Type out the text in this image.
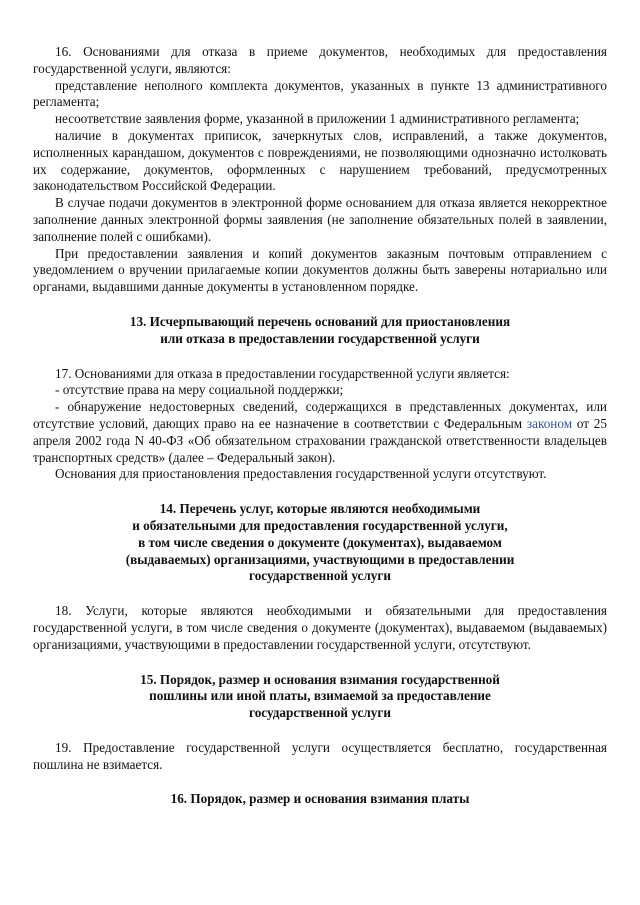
16. Основаниями для отказа в приеме документов, необходимых для предоставления государственной услуги, являются:

представление неполного комплекта документов, указанных в пункте 13 административного регламента;

несоответствие заявления форме, указанной в приложении 1 административного регламента;

наличие в документах приписок, зачеркнутых слов, исправлений, а также документов, исполненных карандашом, документов с повреждениями, не позволяющими однозначно истолковать их содержание, документов, оформленных с нарушением требований, предусмотренных законодательством Российской Федерации.

В случае подачи документов в электронной форме основанием для отказа является некорректное заполнение данных электронной формы заявления (не заполнение обязательных полей в заявлении, заполнение полей с ошибками).

При предоставлении заявления и копий документов заказным почтовым отправлением с уведомлением о вручении прилагаемые копии документов должны быть заверены нотариально или органами, выдавшими данные документы в установленном порядке.

13. Исчерпывающий перечень оснований для приостановления
или отказа в предоставлении государственной услуги

17. Основаниями для отказа в предоставлении государственной услуги является:

- отсутствие права на меру социальной поддержки;

- обнаружение недостоверных сведений, содержащихся в представленных документах, или отсутствие условий, дающих право на ее назначение в соответствии с Федеральным законом от 25 апреля 2002 года N 40-ФЗ «Об обязательном страховании гражданской ответственности владельцев транспортных средств» (далее – Федеральный закон).

Основания для приостановления предоставления государственной услуги отсутствуют.

14. Перечень услуг, которые являются необходимыми
и обязательными для предоставления государственной услуги,
в том числе сведения о документе (документах), выдаваемом
(выдаваемых) организациями, участвующими в предоставлении
государственной услуги

18. Услуги, которые являются необходимыми и обязательными для предоставления государственной услуги, в том числе сведения о документе (документах), выдаваемом (выдаваемых) организациями, участвующими в предоставлении государственной услуги, отсутствуют.

15. Порядок, размер и основания взимания государственной
пошлины или иной платы, взимаемой за предоставление
государственной услуги

19. Предоставление государственной услуги осуществляется бесплатно, государственная пошлина не взимается.

16. Порядок, размер и основания взимания платы
